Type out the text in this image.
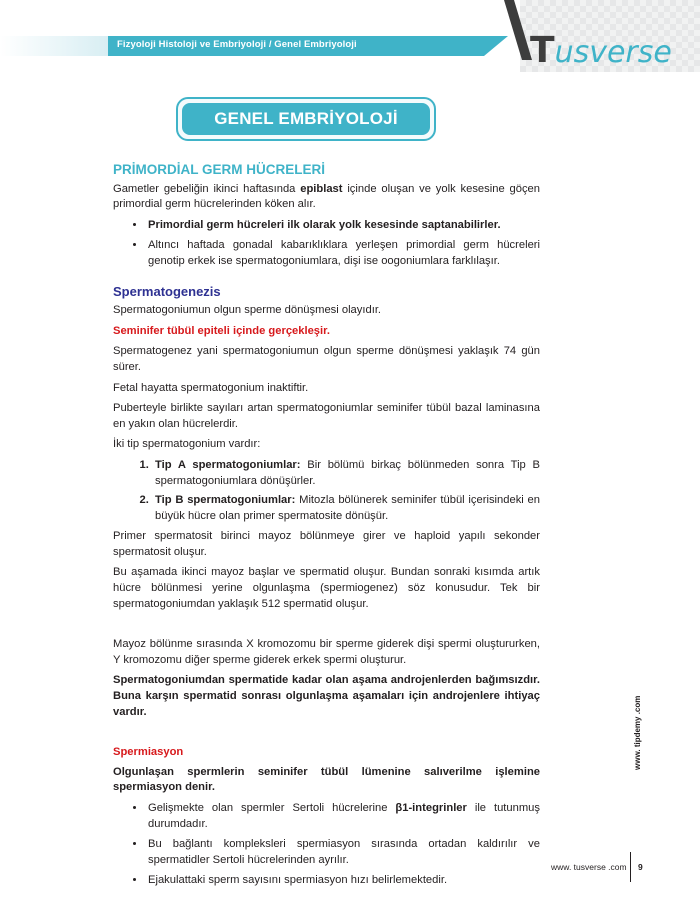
Fizyoloji Histoloji ve Embriyoloji / Genel Embriyoloji	Tusverse
GENEL EMBRİYOLOJİ
PRİMORDİAL GERM HÜCRELERİ

Gametler gebeliğin ikinci haftasında epiblast içinde oluşan ve yolk kesesine göçen primordial germ hücrelerinden köken alır.

• Primordial germ hücreleri ilk olarak yolk kesesinde saptanabilirler.
• Altıncı haftada gonadal kabarıklıklara yerleşen primordial germ hücreleri genotip erkek ise spermatogoniumlara, dişi ise oogoniumlara farklılaşır.
Spermatogenezis

Spermatogoniumun olgun sperme dönüşmesi olayıdır.

Seminifer tübül epiteli içinde gerçekleşir.

Spermatogenez yani spermatogoniumun olgun sperme dönüşmesi yaklaşık 74 gün sürer.

Fetal hayatta spermatogonium inaktiftir.

Puberteyle birlikte sayıları artan spermatogoniumlar seminifer tübül bazal laminasına en yakın olan hücrelerdir.

İki tip spermatogonium vardır:

1. Tip A spermatogoniumlar: Bir bölümü birkaç bölünmeden sonra Tip B spermatogoniumlara dönüşürler.
2. Tip B spermatogoniumlar: Mitozla bölünerek seminifer tübül içerisindeki en büyük hücre olan primer spermatosite dönüşür.

Primer spermatosit birinci mayoz bölünmeye girer ve haploid yapılı sekonder spermatosit oluşur.

Bu aşamada ikinci mayoz başlar ve spermatid oluşur. Bundan sonraki kısımda artık hücre bölünmesi yerine olgunlaşma (spermiogenez) söz konusudur. Tek bir spermatogoniumdan yaklaşık 512 spermatid oluşur.

Mayoz bölünme sırasında X kromozomu bir sperme giderek dişi spermi oluştururken, Y kromozomu diğer sperme giderek erkek spermi oluşturur.

Spermatogoniumdan spermatide kadar olan aşama androjenlerden bağımsızdır. Buna karşın spermatid sonrası olgunlaşma aşamaları için androjenlere ihtiyaç vardır.

Spermiasyon

Olgunlaşan spermlerin seminifer tübül lümenine salıverilme işlemine spermiasyon denir.

• Gelişmekte olan spermler Sertoli hücrelerine β1-integrinler ile tutunmuş durumdadır.
• Bu bağlantı kompleksleri spermiasyon sırasında ortadan kaldırılır ve spermatidler Sertoli hücrelerinden ayrılır.
• Ejakulattaki sperm sayısını spermiasyon hızı belirlemektedir.
www. tipdemy .com
www. tusverse .com 9
